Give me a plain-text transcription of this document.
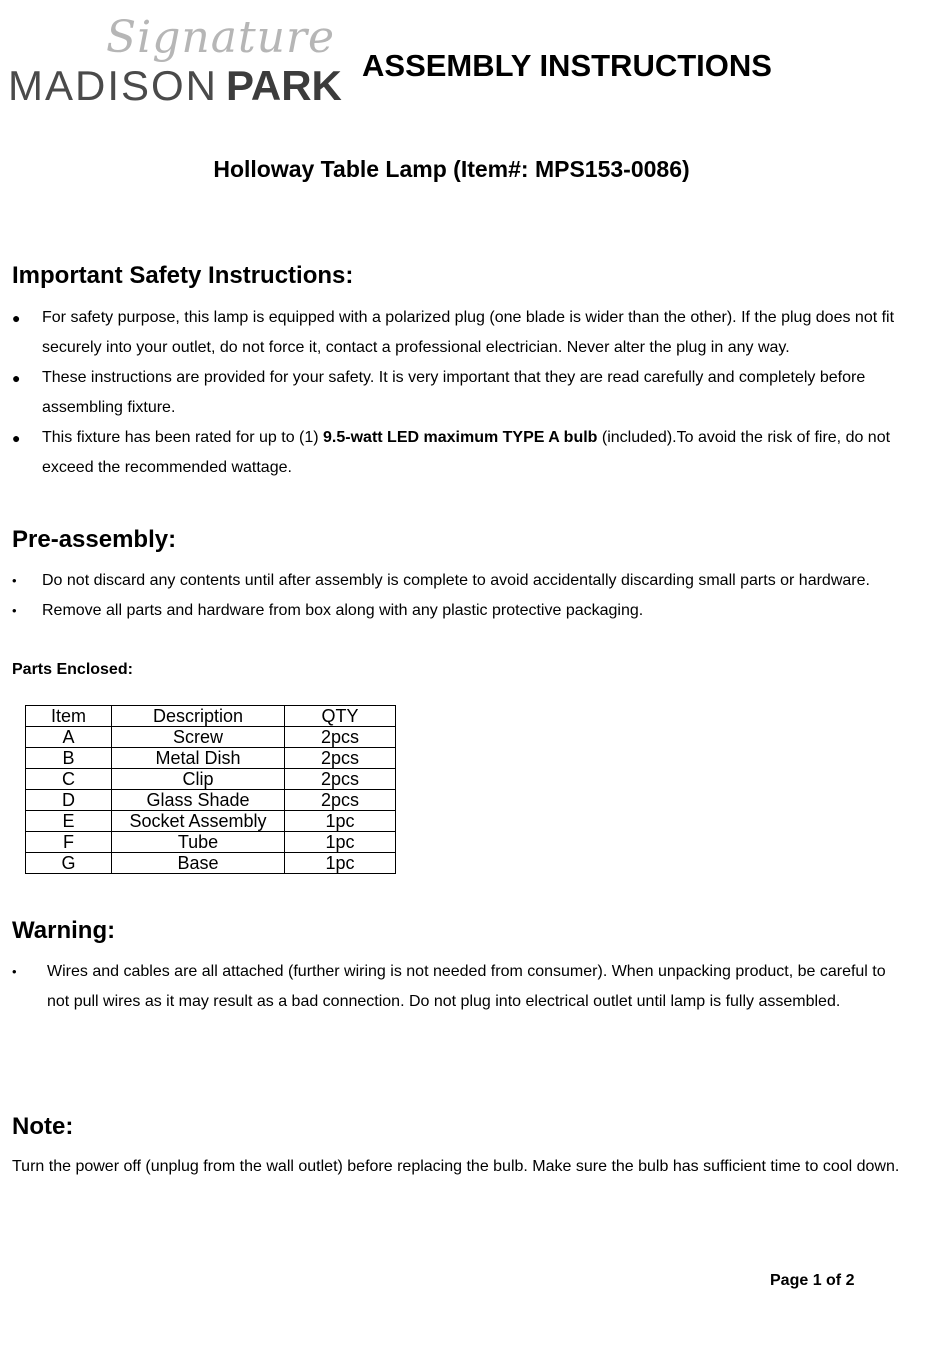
Signature
MADISON PARK ASSEMBLY INSTRUCTIONS
Holloway Table Lamp (Item#: MPS153-0086)
Important Safety Instructions:
● For safety purpose, this lamp is equipped with a polarized plug (one blade is wider than the other). If the plug does not fit securely into your outlet, do not force it, contact a professional electrician. Never alter the plug in any way.
● These instructions are provided for your safety. It is very important that they are read carefully and completely before assembling fixture.
● This fixture has been rated for up to (1) 9.5-watt LED maximum TYPE A bulb (included).To avoid the risk of fire, do not exceed the recommended wattage.
Pre-assembly:
• Do not discard any contents until after assembly is complete to avoid accidentally discarding small parts or hardware.
• Remove all parts and hardware from box along with any plastic protective packaging.
Parts Enclosed:
Item	Description	QTY
A	Screw	2pcs
B	Metal Dish	2pcs
C	Clip	2pcs
D	Glass Shade	2pcs
E	Socket Assembly	1pc
F	Tube	1pc
G	Base	1pc
Warning:
• Wires and cables are all attached (further wiring is not needed from consumer). When unpacking product, be careful to not pull wires as it may result as a bad connection. Do not plug into electrical outlet until lamp is fully assembled.
Note:
Turn the power off (unplug from the wall outlet) before replacing the bulb. Make sure the bulb has sufficient time to cool down.
Page 1 of 2
